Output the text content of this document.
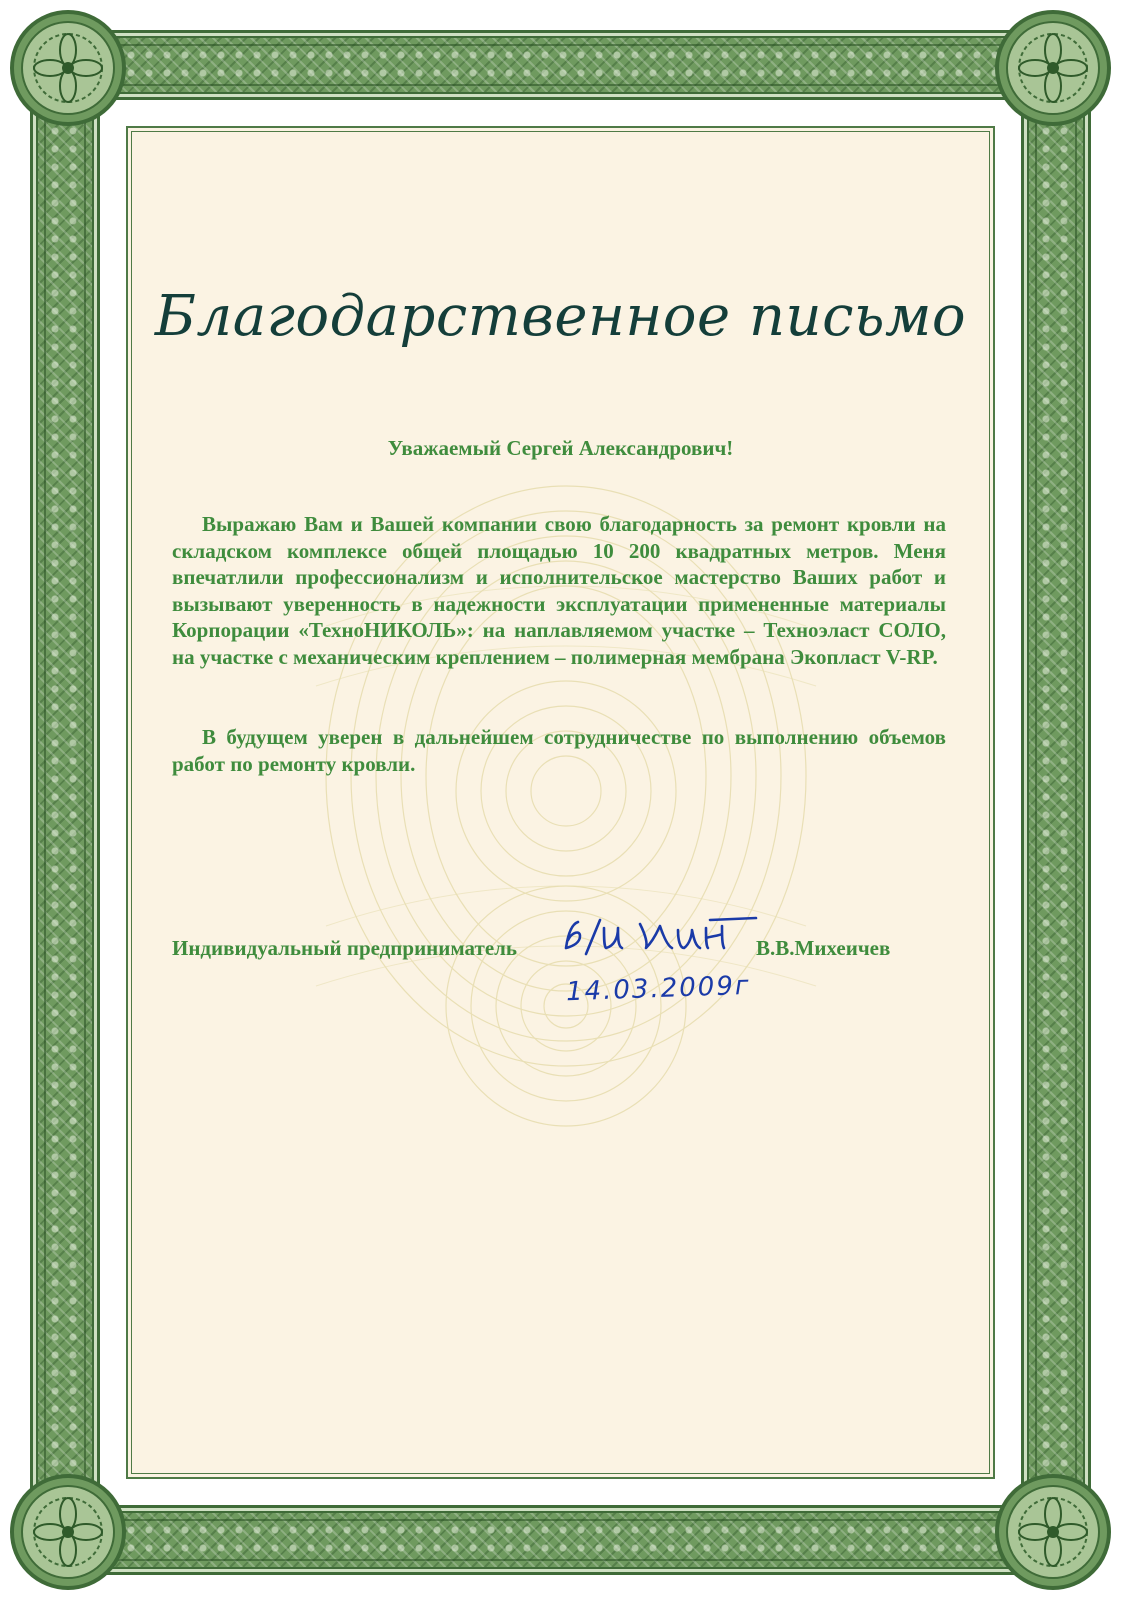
Благодарственное письмо
Уважаемый Сергей Александрович!

Выражаю Вам и Вашей компании свою благодарность за ремонт кровли на складском комплексе общей площадью 10 200 квадратных метров. Меня впечатлили профессионализм и исполнительское мастерство Ваших работ и вызывают уверенность в надежности эксплуатации примененные материалы Корпорации «ТехноНИКОЛЬ»: на наплавляемом участке – Техноэласт СОЛО, на участке с механическим креплением – полимерная мембрана Экопласт V-RP.

В будущем уверен в дальнейшем сотрудничестве по выполнению объемов работ по ремонту кровли.

Индивидуальный предприниматель	В.В.Михеичев
14.03.2009г
